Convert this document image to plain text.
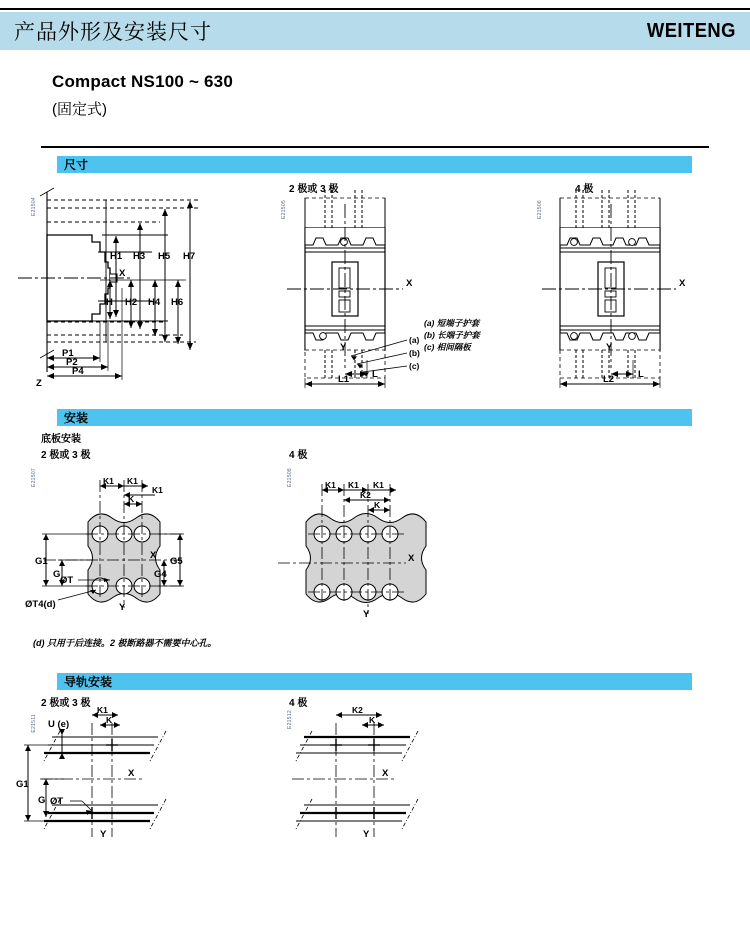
产品外形及安装尺寸	WEITENG
Compact NS100 ~ 630
(固定式)
尺寸
2 极或 3 极	4 极
E21504	E21505	E21506
H1 H3 H5 H7
H H2 H4 H6
X
P1
P2
P4
Z
X
Y
L
L1
(a)
(b)
(c)
(a) 短端子护套
(b) 长端子护套
(c) 相间隔板
X
Y
L
L2
安装
底板安装
2 极或 3 极	4 极
E21507	E21508
K1 K1
K1
K
G1
G
G5
G4
X
Y
ØT
ØT4(d)
(d) 只用于后连接。2 极断路器不需要中心孔。
K1 K1 K1
K2
K
X
Y
导轨安装
2 极或 3 极	4 极
E21511	E21512
U (e)
K1
K
G1
G
X
Y
ØT
K2
K
X
Y
